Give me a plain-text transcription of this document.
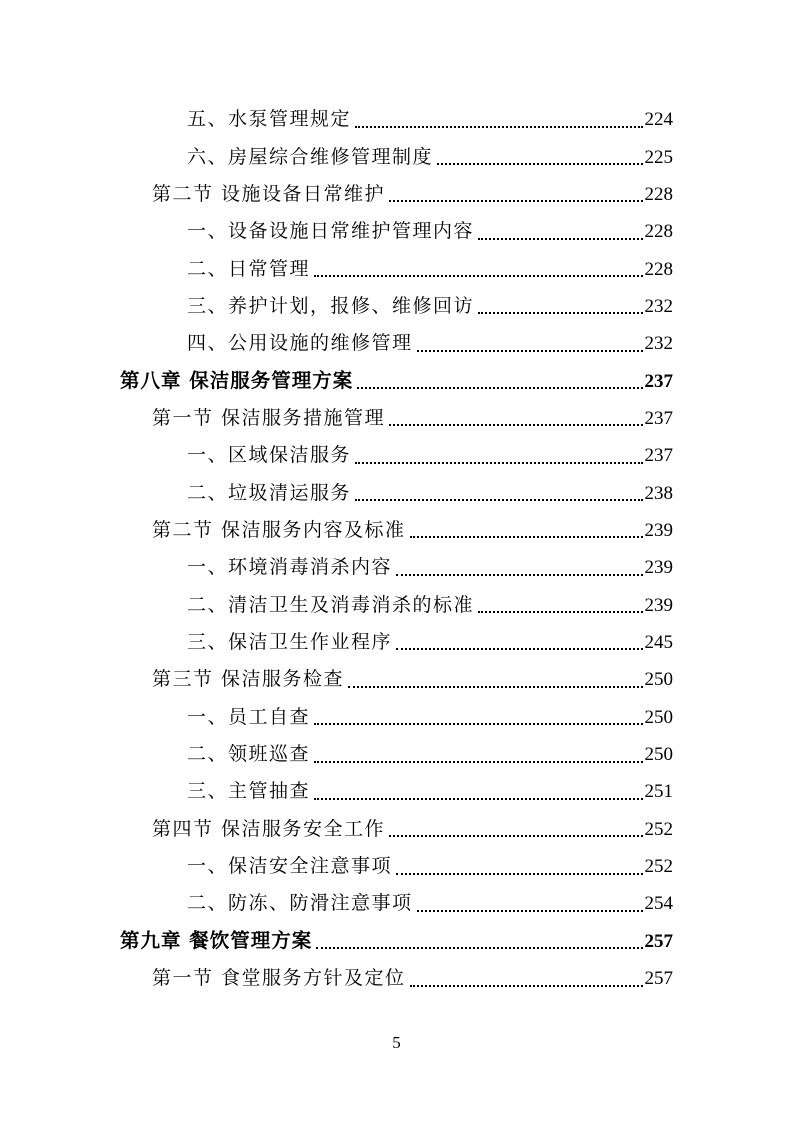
五、水泵管理规定	224
六、房屋综合维修管理制度	225
第二节 设施设备日常维护	228
一、设备设施日常维护管理内容	228
二、日常管理	228
三、养护计划，报修、维修回访	232
四、公用设施的维修管理	232
第八章 保洁服务管理方案	237
第一节 保洁服务措施管理	237
一、区域保洁服务	237
二、垃圾清运服务	238
第二节 保洁服务内容及标准	239
一、环境消毒消杀内容	239
二、清洁卫生及消毒消杀的标准	239
三、保洁卫生作业程序	245
第三节 保洁服务检查	250
一、员工自查	250
二、领班巡查	250
三、主管抽查	251
第四节 保洁服务安全工作	252
一、保洁安全注意事项	252
二、防冻、防滑注意事项	254
第九章 餐饮管理方案	257
第一节 食堂服务方针及定位	257
5
